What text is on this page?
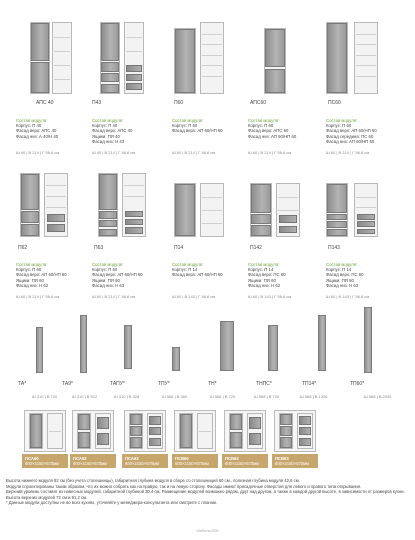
АПС 40	П43	П60	АПС60	ПС60
Состав модуля:
Корпус: П 40
Фасад верх: АПС 40
Фасад низ: А 40/Н 40
Ш 40 | В 214 | Г 56,6 см
Состав модуля:
Корпус: П 40
Фасад верх: АПС 40
Ящики: ПЯ 40
Фасад низ: Н 43
Ш 40 | В 214 | Г 56,6 см
Состав модуля:
Корпус: П 60
Фасад верх: АП 60/НП 60
Ш 60 | В 214 | Г 56,6 см
Состав модуля:
Корпус: П 60
Фасад верх: АПС 60
Фасад низ: АП 60/НП 60
Ш 60 | В 214 | Г 56,6 см
Состав модуля:
Корпус: П 60
Фасад верх: АП 60/НП 60
Фасад середина: ПС 60
Фасад низ: АП 60/НП 60
Ш 60 | В 214 | Г 56,6 см
П62	П63	П14	П142	П143
Состав модуля:
Корпус: П 60
Фасад верх: АП 60/НП 60
Ящики: ПЯ 60
Фасад низ: Н 62
Ш 60 | В 214 | Г 56,6 см
Состав модуля:
Корпус: П 60
Фасад верх: АП 60/НП 60
Ящики: ПЯ 60
Фасад низ: Н 63
Ш 60 | В 214 | Г 56,6 см
Состав модуля:
Корпус: П 14
Фасад верх: АП 60/НП 60
Ш 60 | В 143 | Г 56,6 см
Состав модуля:
Корпус: П 14
Фасад верх: ПС 60
Ящики: ПЯ 60
Фасад низ: Н 62
Ш 60 | В 143 | Г 56,6 см
Состав модуля:
Корпус: П 14
Фасад верх: ПС 60
Ящики: ПЯ 60
Фасад низ: Н 63
Ш 60 | В 143 | Г 56,6 см
ТА*
Ш 310 | В 720
ТА9*
Ш 310 | В 912
ТАПУ*
Ш 310 | В 328
ТПУ*
Ш 568 | В 360
ТН*
Ш 568 | В 720
ТНПС*
Ш 568 | В 720
ТП14*
Ш 568 | В 1326
ТП60*
Ш 568 | В 2040
ПСА60
600×2150×570мм
ПСА62
600×2150×570мм
ПСА63
600×2150×570мм
ПСВ60
600×2150×570мм
ПСВ62
600×2150×570мм
ПСВ63
600×2150×570мм
Высота нижнего модуля 82 см (без учета столешницы), габаритная глубина модуля в сборе со столешницей 60 см., полезная глубина модуля 42,6 см.
Модули спроектированы таким образом, что их можно собрать как на правую, так и на левую сторону. Фасады имеют присадочные отверстия для левого и правого типа открывания.
Верхний уровень составят из навесных модулей, габаритной глубиной 30,4 см. Размещение модулей возможно рядом, друг над другом, а также в каждой другой высоте, в зависимости от размеров кухни. Высота верхних модулей 72 см и 91,2 см.
* Данные модули доступны не во всех кухнях, уточняйте у менеджера-консультанта или смотрите с планом.
Мебель/305
